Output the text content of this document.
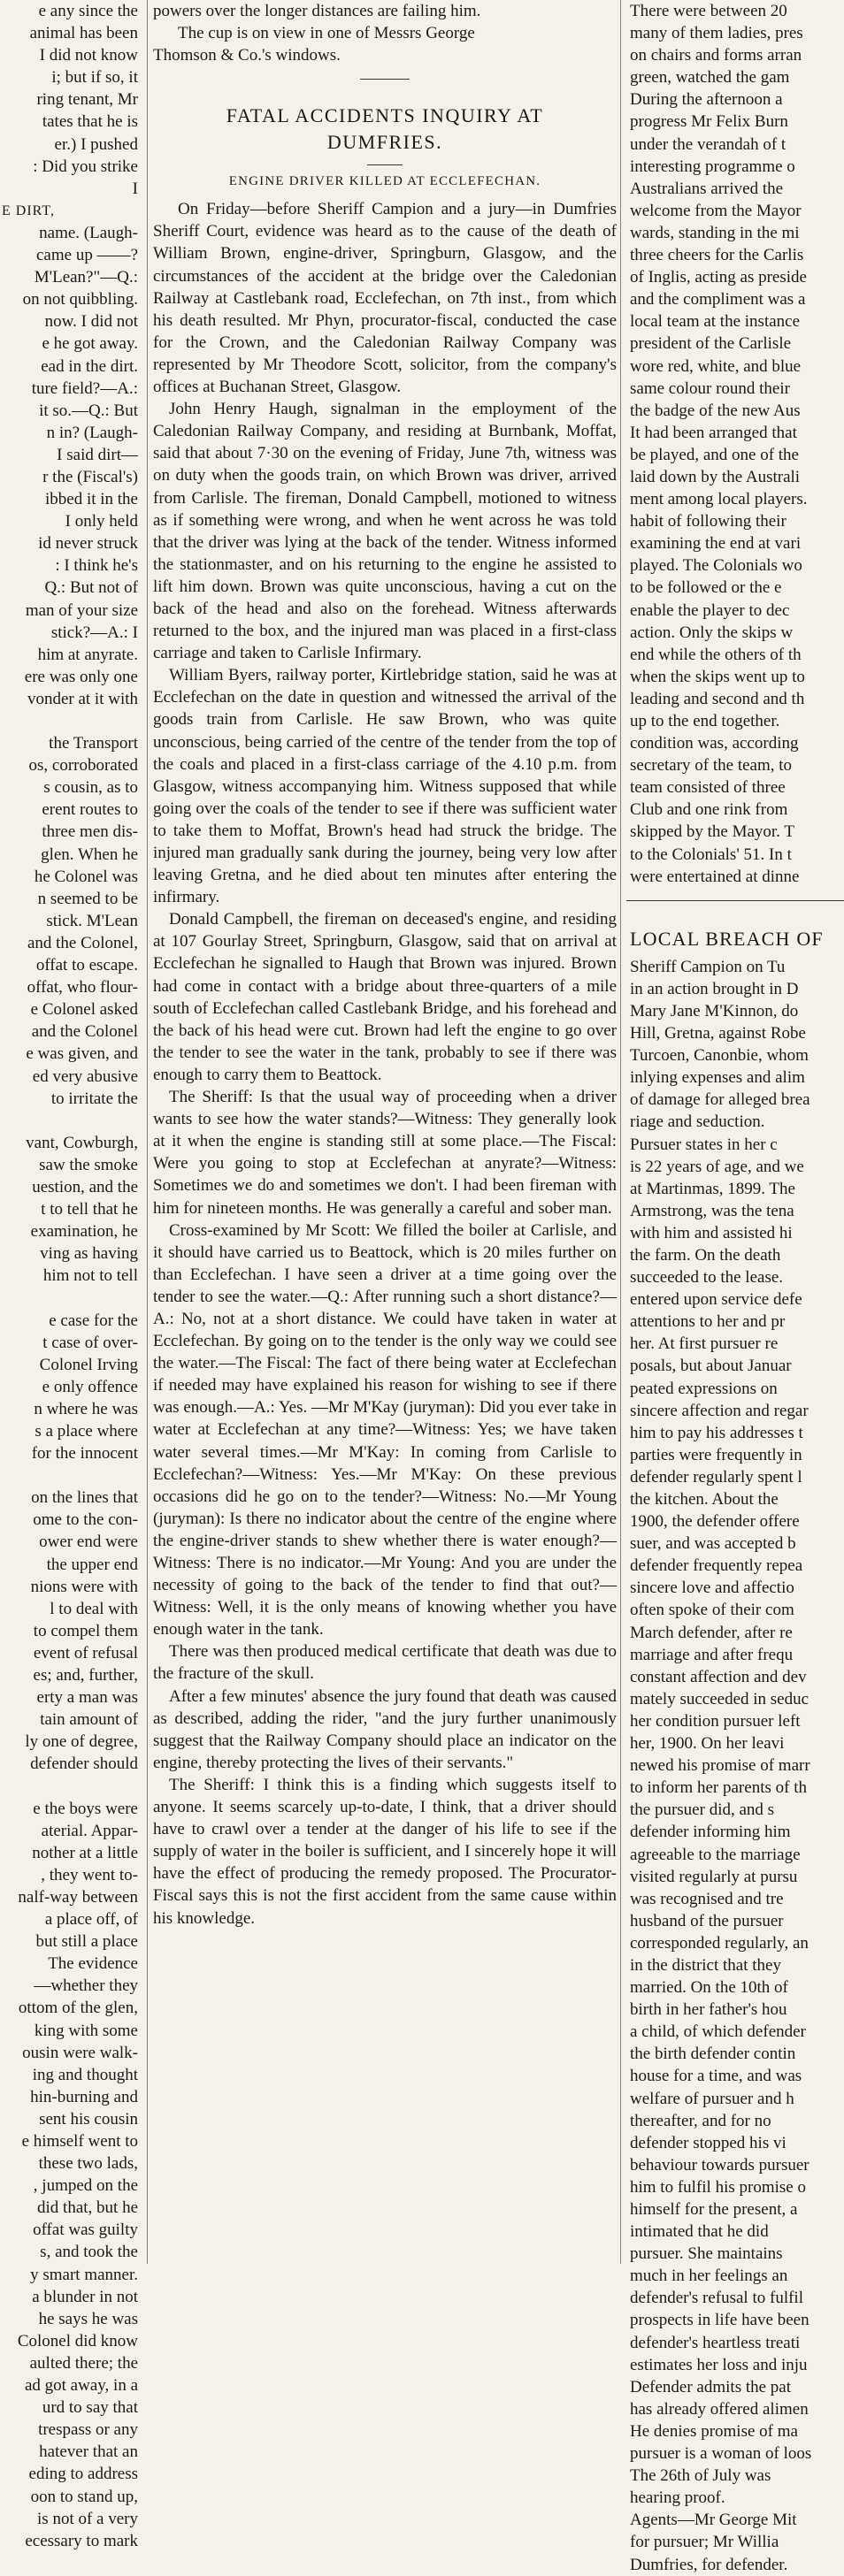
e any since the
animal has been
I did not know
i; but if so, it
ring tenant, Mr
tates that he is
er.) I pushed
: Did you strike
I
E DIRT,
name. (Laugh-
came up ——?
M'Lean?"—Q.:
on not quibbling.
now. I did not
e he got away.
ead in the dirt.
ture field?—A.:
it so.—Q.: But
n in? (Laugh-
I said dirt—
r the (Fiscal's)
ibbed it in the
I only held
id never struck
: I think he's
Q.: But not of
man of your size
stick?—A.: I
him at anyrate.
ere was only one
vonder at it with

the Transport
os, corroborated
s cousin, as to
erent routes to
three men dis-
glen. When he
he Colonel was
n seemed to be
stick. M'Lean
and the Colonel,
offat to escape.
offat, who flour-
e Colonel asked
and the Colonel
e was given, and
ed very abusive
to irritate the

vant, Cowburgh,
saw the smoke
uestion, and the
t to tell that he
examination, he
ving as having
him not to tell

e case for the
t case of over-
Colonel Irving
e only offence
n where he was
s a place where
for the innocent

on the lines that
ome to the con-
ower end were
the upper end
nions were with
l to deal with
to compel them
event of refusal
es; and, further,
erty a man was
tain amount of
ly one of degree,
defender should

e the boys were
aterial. Appar-
nother at a little
, they went to-
nalf-way between
a place off, of
but still a place
The evidence
—whether they
ottom of the glen,
king with some
ousin were walk-
ing and thought
hin-burning and
sent his cousin
e himself went to
these two lads,
, jumped on the
did that, but he
offat was guilty
s, and took the
y smart manner.
a blunder in not
he says he was
Colonel did know
aulted there; the
ad got away, in a
urd to say that
trespass or any
hatever that an
eding to address
oon to stand up,
is not of a very
ecessary to mark

powers over the longer distances are failing him.

The cup is on view in one of Messrs George

Thomson & Co.'s windows.

FATAL ACCIDENTS INQUIRY AT
DUMFRIES.
ENGINE DRIVER KILLED AT ECCLEFECHAN.

On Friday—before Sheriff Campion and a jury—in Dumfries Sheriff Court, evidence was heard as to the cause of the death of William Brown, engine-driver, Springburn, Glasgow, and the circumstances of the accident at the bridge over the Caledonian Railway at Castlebank road, Ecclefechan, on 7th inst., from which his death resulted. Mr Phyn, procurator-fiscal, conducted the case for the Crown, and the Caledonian Railway Company was represented by Mr Theodore Scott, solicitor, from the company's offices at Buchanan Street, Glasgow.

John Henry Haugh, signalman in the employment of the Caledonian Railway Company, and residing at Burnbank, Moffat, said that about 7·30 on the evening of Friday, June 7th, witness was on duty when the goods train, on which Brown was driver, arrived from Carlisle. The fireman, Donald Campbell, motioned to witness as if something were wrong, and when he went across he was told that the driver was lying at the back of the tender. Witness informed the stationmaster, and on his returning to the engine he assisted to lift him down. Brown was quite unconscious, having a cut on the back of the head and also on the forehead. Witness afterwards returned to the box, and the injured man was placed in a first-class carriage and taken to Carlisle Infirmary.

William Byers, railway porter, Kirtlebridge station, said he was at Ecclefechan on the date in question and witnessed the arrival of the goods train from Carlisle. He saw Brown, who was quite unconscious, being carried of the centre of the tender from the top of the coals and placed in a first-class carriage of the 4.10 p.m. from Glasgow, witness accompanying him. Witness supposed that while going over the coals of the tender to see if there was sufficient water to take them to Moffat, Brown's head had struck the bridge. The injured man gradually sank during the journey, being very low after leaving Gretna, and he died about ten minutes after entering the infirmary.

Donald Campbell, the fireman on deceased's engine, and residing at 107 Gourlay Street, Springburn, Glasgow, said that on arrival at Ecclefechan he signalled to Haugh that Brown was injured. Brown had come in contact with a bridge about three-quarters of a mile south of Ecclefechan called Castlebank Bridge, and his forehead and the back of his head were cut. Brown had left the engine to go over the tender to see the water in the tank, probably to see if there was enough to carry them to Beattock.

The Sheriff: Is that the usual way of proceeding when a driver wants to see how the water stands?—Witness: They generally look at it when the engine is standing still at some place.—The Fiscal: Were you going to stop at Ecclefechan at anyrate?—Witness: Sometimes we do and sometimes we don't. I had been fireman with him for nineteen months. He was generally a careful and sober man.

Cross-examined by Mr Scott: We filled the boiler at Carlisle, and it should have carried us to Beattock, which is 20 miles further on than Ecclefechan. I have seen a driver at a time going over the tender to see the water.—Q.: After running such a short distance?—A.: No, not at a short distance. We could have taken in water at Ecclefechan. By going on to the tender is the only way we could see the water.—The Fiscal: The fact of there being water at Ecclefechan if needed may have explained his reason for wishing to see if there was enough.—A.: Yes. —Mr M'Kay (juryman): Did you ever take in water at Ecclefechan at any time?—Witness: Yes; we have taken water several times.—Mr M'Kay: In coming from Carlisle to Ecclefechan?—Witness: Yes.—Mr M'Kay: On these previous occasions did he go on to the tender?—Witness: No.—Mr Young (juryman): Is there no indicator about the centre of the engine where the engine-driver stands to shew whether there is water enough?—Witness: There is no indicator.—Mr Young: And you are under the necessity of going to the back of the tender to find that out?—Witness: Well, it is the only means of knowing whether you have enough water in the tank.

There was then produced medical certificate that death was due to the fracture of the skull.

After a few minutes' absence the jury found that death was caused as described, adding the rider, "and the jury further unanimously suggest that the Railway Company should place an indicator on the engine, thereby protecting the lives of their servants."

The Sheriff: I think this is a finding which suggests itself to anyone. It seems scarcely up-to-date, I think, that a driver should have to crawl over a tender at the danger of his life to see if the supply of water in the boiler is sufficient, and I sincerely hope it will have the effect of producing the remedy proposed. The Procurator-Fiscal says this is not the first accident from the same cause within his knowledge.

There were between 20
many of them ladies, pres
on chairs and forms arran
green, watched the gam
During the afternoon a
progress Mr Felix Burn
under the verandah of t
interesting programme o
Australians arrived the
welcome from the Mayor
wards, standing in the mi
three cheers for the Carlis
of Inglis, acting as preside
and the compliment was a
local team at the instance
president of the Carlisle
wore red, white, and blue
same colour round their
the badge of the new Aus
It had been arranged that
be played, and one of the
laid down by the Australi
ment among local players.
habit of following their
examining the end at vari
played. The Colonials wo
to be followed or the e
enable the player to dec
action. Only the skips w
end while the others of th
when the skips went up to
leading and second and th
up to the end together.
condition was, according
secretary of the team, to
team consisted of three
Club and one rink from
skipped by the Mayor. T
to the Colonials' 51. In t
were entertained at dinne
LOCAL BREACH OF
Sheriff Campion on Tu
in an action brought in D
Mary Jane M'Kinnon, do
Hill, Gretna, against Robe
Turcoen, Canonbie, whom
inlying expenses and alim
of damage for alleged brea
riage and seduction.
Pursuer states in her c
is 22 years of age, and we
at Martinmas, 1899. The
Armstrong, was the tena
with him and assisted hi
the farm. On the death
succeeded to the lease.
entered upon service defe
attentions to her and pr
her. At first pursuer re
posals, but about Januar
peated expressions on
sincere affection and regar
him to pay his addresses t
parties were frequently in
defender regularly spent l
the kitchen. About the
1900, the defender offere
suer, and was accepted b
defender frequently repea
sincere love and affectio
often spoke of their com
March defender, after re
marriage and after frequ
constant affection and dev
mately succeeded in seduc
her condition pursuer left
her, 1900. On her leavi
newed his promise of marr
to inform her parents of th
the pursuer did, and s
defender informing him
agreeable to the marriage
visited regularly at pursu
was recognised and tre
husband of the pursuer
corresponded regularly, an
in the district that they
married. On the 10th of
birth in her father's hou
a child, of which defender
the birth defender contin
house for a time, and was
welfare of pursuer and h
thereafter, and for no
defender stopped his vi
behaviour towards pursuer
him to fulfil his promise o
himself for the present, a
intimated that he did
pursuer. She maintains
much in her feelings an
defender's refusal to fulfil
prospects in life have been
defender's heartless treati
estimates her loss and inju
Defender admits the pat
has already offered alimen
He denies promise of ma
pursuer is a woman of loos
The 26th of July was
hearing proof.
Agents—Mr George Mit
for pursuer; Mr Willia
Dumfries, for defender.
